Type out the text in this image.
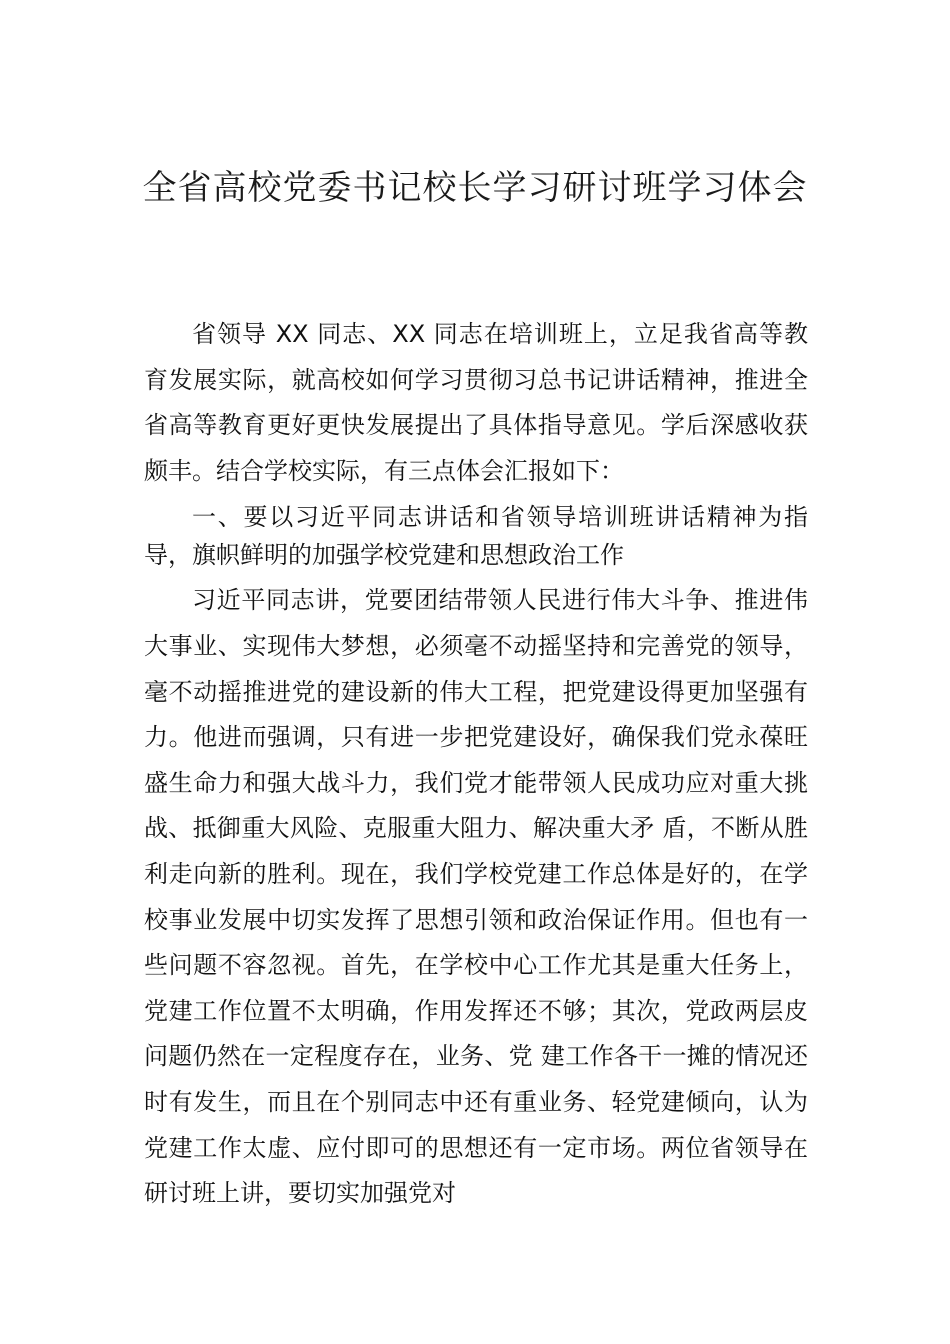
全省高校党委书记校长学习研讨班学习体会

省领导 XX 同志、XX 同志在培训班上，立足我省高等教育发展实际，就高校如何学习贯彻习总书记讲话精神，推进全省高等教育更好更快发展提出了具体指导意见。学后深感收获颇丰。结合学校实际，有三点体会汇报如下：

一、要以习近平同志讲话和省领导培训班讲话精神为指导，旗帜鲜明的加强学校党建和思想政治工作

习近平同志讲，党要团结带领人民进行伟大斗争、推进伟大事业、实现伟大梦想，必须毫不动摇坚持和完善党的领导，毫不动摇推进党的建设新的伟大工程，把党建设得更加坚强有力。他进而强调，只有进一步把党建设好，确保我们党永葆旺盛生命力和强大战斗力，我们党才能带领人民成功应对重大挑战、抵御重大风险、克服重大阻力、解决重大矛 盾，不断从胜利走向新的胜利。现在，我们学校党建工作总体是好的，在学校事业发展中切实发挥了思想引领和政治保证作用。但也有一些问题不容忽视。首先，在学校中心工作尤其是重大任务上，党建工作位置不太明确，作用发挥还不够；其次，党政两层皮问题仍然在一定程度存在，业务、党 建工作各干一摊的情况还时有发生，而且在个别同志中还有重业务、轻党建倾向，认为党建工作太虚、应付即可的思想还有一定市场。两位省领导在研讨班上讲，要切实加强党对
